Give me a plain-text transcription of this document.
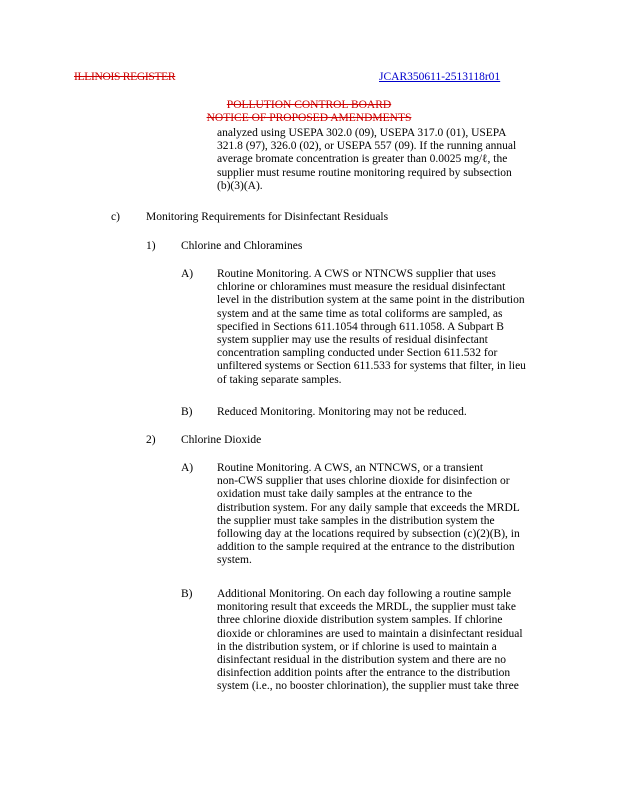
ILLINOIS REGISTER	JCAR350611-2513118r01
POLLUTION CONTROL BOARD
NOTICE OF PROPOSED AMENDMENTS
analyzed using USEPA 302.0 (09), USEPA 317.0 (01), USEPA
321.8 (97), 326.0 (02), or USEPA 557 (09). If the running annual
average bromate concentration is greater than 0.0025 mg/ℓ, the
supplier must resume routine monitoring required by subsection
(b)(3)(A).
c) Monitoring Requirements for Disinfectant Residuals
1) Chlorine and Chloramines
A) Routine Monitoring. A CWS or NTNCWS supplier that uses
chlorine or chloramines must measure the residual disinfectant
level in the distribution system at the same point in the distribution
system and at the same time as total coliforms are sampled, as
specified in Sections 611.1054 through 611.1058. A Subpart B
system supplier may use the results of residual disinfectant
concentration sampling conducted under Section 611.532 for
unfiltered systems or Section 611.533 for systems that filter, in lieu
of taking separate samples.
B) Reduced Monitoring. Monitoring may not be reduced.
2) Chlorine Dioxide
A) Routine Monitoring. A CWS, an NTNCWS, or a transient
non-CWS supplier that uses chlorine dioxide for disinfection or
oxidation must take daily samples at the entrance to the
distribution system. For any daily sample that exceeds the MRDL
the supplier must take samples in the distribution system the
following day at the locations required by subsection (c)(2)(B), in
addition to the sample required at the entrance to the distribution
system.
B) Additional Monitoring. On each day following a routine sample
monitoring result that exceeds the MRDL, the supplier must take
three chlorine dioxide distribution system samples. If chlorine
dioxide or chloramines are used to maintain a disinfectant residual
in the distribution system, or if chlorine is used to maintain a
disinfectant residual in the distribution system and there are no
disinfection addition points after the entrance to the distribution
system (i.e., no booster chlorination), the supplier must take three
